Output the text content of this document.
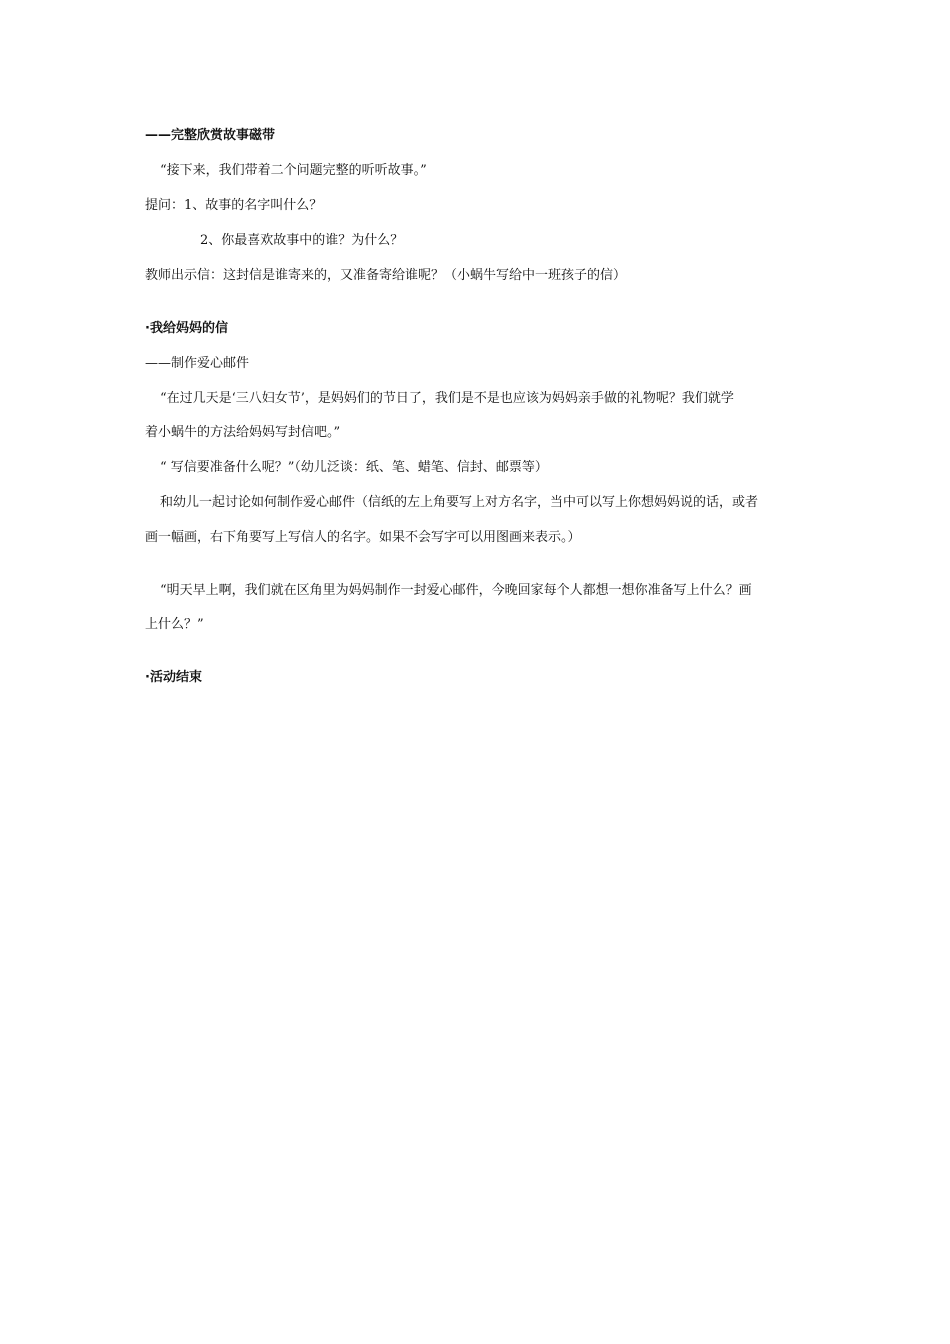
——完整欣赏故事磁带
“接下来，我们带着二个问题完整的听听故事。”
提问：1、故事的名字叫什么？
2、你最喜欢故事中的谁？为什么？
教师出示信：这封信是谁寄来的，又准备寄给谁呢？（小蜗牛写给中一班孩子的信）
·我给妈妈的信
——制作爱心邮件
“在过几天是‘三八妇女节’，是妈妈们的节日了，我们是不是也应该为妈妈亲手做的礼物呢？我们就学
着小蜗牛的方法给妈妈写封信吧。”
“ 写信要准备什么呢？”（幼儿泛谈：纸、笔、蜡笔、信封、邮票等）
和幼儿一起讨论如何制作爱心邮件（信纸的左上角要写上对方名字，当中可以写上你想妈妈说的话，或者
画一幅画，右下角要写上写信人的名字。如果不会写字可以用图画来表示。）
“明天早上啊，我们就在区角里为妈妈制作一封爱心邮件，今晚回家每个人都想一想你准备写上什么？画
上什么？”
·活动结束
